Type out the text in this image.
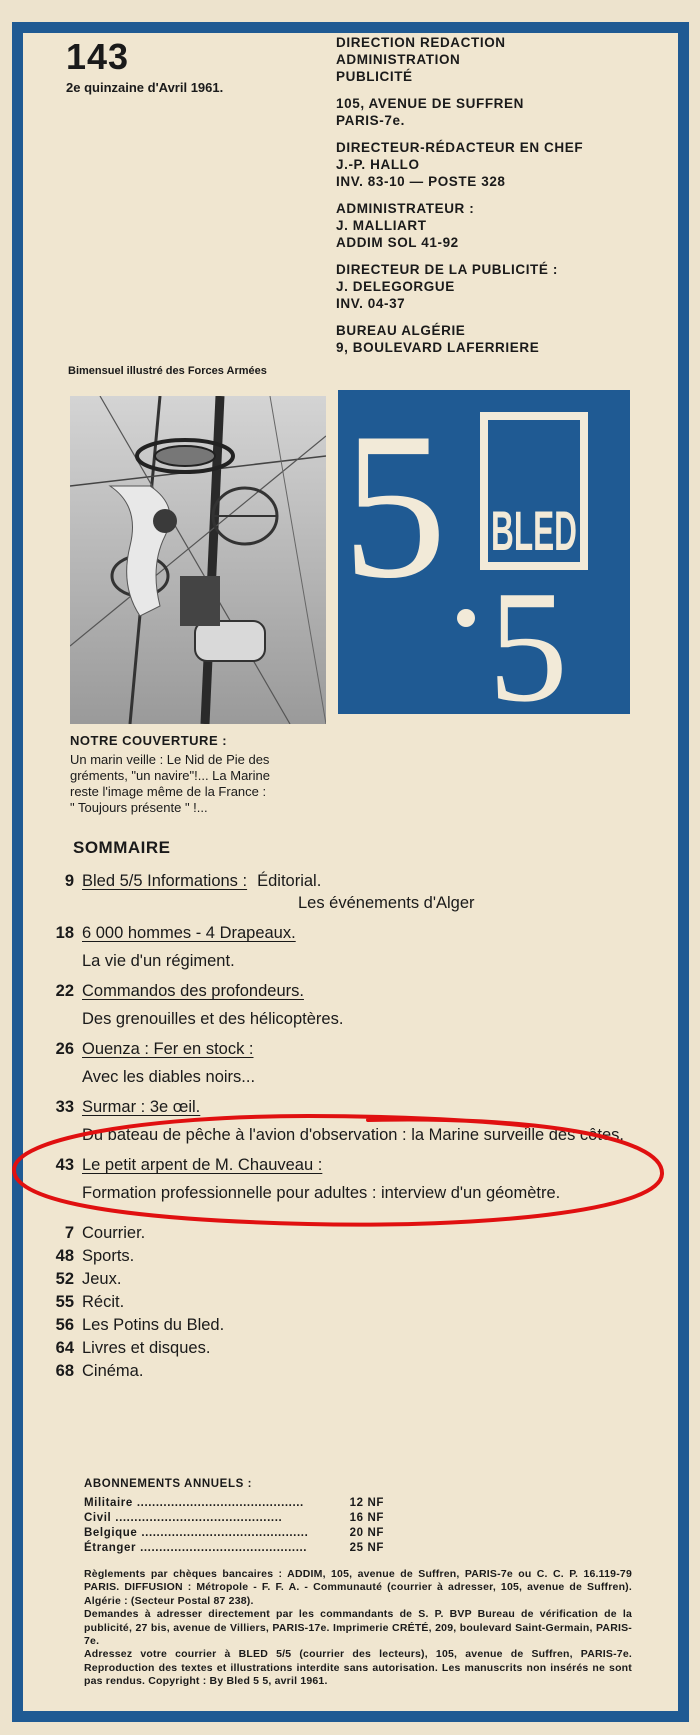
143
2e quinzaine d'Avril 1961.
DIRECTION REDACTION
ADMINISTRATION
PUBLICITÉ
105, AVENUE DE SUFFREN
PARIS-7e.
DIRECTEUR-RÉDACTEUR EN CHEF
J.-P. HALLO
INV. 83-10 — POSTE 328
ADMINISTRATEUR :
J. MALLIART
ADDIM SOL 41-92
DIRECTEUR DE LA PUBLICITÉ :
J. DELEGORGUE
INV. 04-37
BUREAU ALGÉRIE
9, BOULEVARD LAFERRIERE
Bimensuel illustré des Forces Armées
5 BLED
5
NOTRE COUVERTURE :
Un marin veille : Le Nid de Pie des
gréments, "un navire"!... La Marine
reste l'image même de la France :
" Toujours présente " !...
SOMMAIRE
9 Bled 5/5 Informations : Éditorial.
Les événements d'Alger
18 6 000 hommes - 4 Drapeaux.
La vie d'un régiment.
22 Commandos des profondeurs.
Des grenouilles et des hélicoptères.
26 Ouenza : Fer en stock :
Avec les diables noirs...
33 Surmar : 3e œil.
Du bateau de pêche à l'avion d'observation : la Marine surveille des côtes.
43 Le petit arpent de M. Chauveau :
Formation professionnelle pour adultes : interview d'un géomètre.
7 Courrier.
48 Sports.
52 Jeux.
55 Récit.
56 Les Potins du Bled.
64 Livres et disques.
68 Cinéma.
ABONNEMENTS ANNUELS :
Militaire ............................................	12 NF
Civil ............................................	16 NF
Belgique ............................................	20 NF
Étranger ............................................	25 NF
Règlements par chèques bancaires : ADDIM, 105, avenue de Suffren, PARIS-7e ou C. C. P. 16.119-79 PARIS. DIFFUSION : Métropole - F. F. A. - Communauté (courrier à adresser, 105, avenue de Suffren). Algérie : (Secteur Postal 87 238).
Demandes à adresser directement par les commandants de S. P. BVP Bureau de vérification de la publicité, 27 bis, avenue de Villiers, PARIS-17e. Imprimerie CRÉTÉ, 209, boulevard Saint-Germain, PARIS-7e.
Adressez votre courrier à BLED 5/5 (courrier des lecteurs), 105, avenue de Suffren, PARIS-7e. Reproduction des textes et illustrations interdite sans autorisation. Les manuscrits non insérés ne sont pas rendus. Copyright : By Bled 5 5, avril 1961.
